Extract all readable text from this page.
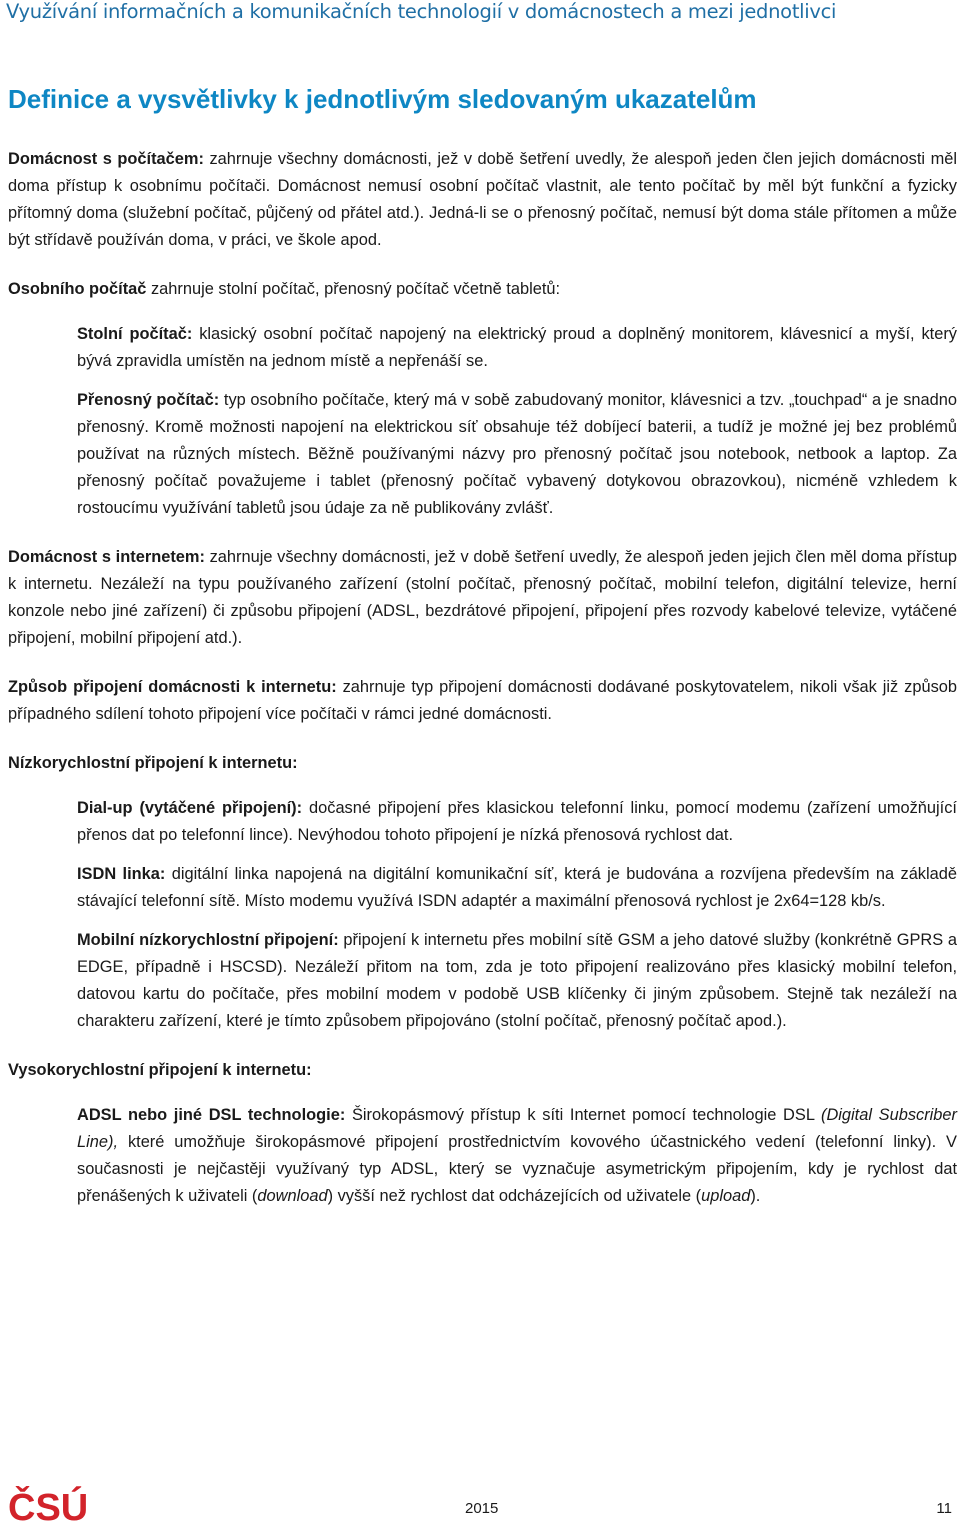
Využívání informačních a komunikačních technologií v domácnostech a mezi jednotlivci
Definice a vysvětlivky k jednotlivým sledovaným ukazatelům

Domácnost s počítačem: zahrnuje všechny domácnosti, jež v době šetření uvedly, že alespoň jeden člen jejich domácnosti měl doma přístup k osobnímu počítači. Domácnost nemusí osobní počítač vlastnit, ale tento počítač by měl být funkční a fyzicky přítomný doma (služební počítač, půjčený od přátel atd.). Jedná-li se o přenosný počítač, nemusí být doma stále přítomen a může být střídavě používán doma, v práci, ve škole apod.

Osobního počítač zahrnuje stolní počítač, přenosný počítač včetně tabletů:

Stolní počítač: klasický osobní počítač napojený na elektrický proud a doplněný monitorem, klávesnicí a myší, který bývá zpravidla umístěn na jednom místě a nepřenáší se.

Přenosný počítač: typ osobního počítače, který má v sobě zabudovaný monitor, klávesnici a tzv. „touchpad“ a je snadno přenosný. Kromě možnosti napojení na elektrickou síť obsahuje též dobíjecí baterii, a tudíž je možné jej bez problémů používat na různých místech. Běžně používanými názvy pro přenosný počítač jsou notebook, netbook a laptop. Za přenosný počítač považujeme i tablet (přenosný počítač vybavený dotykovou obrazovkou), nicméně vzhledem k rostoucímu využívání tabletů jsou údaje za ně publikovány zvlášť.

Domácnost s internetem: zahrnuje všechny domácnosti, jež v době šetření uvedly, že alespoň jeden jejich člen měl doma přístup k internetu. Nezáleží na typu používaného zařízení (stolní počítač, přenosný počítač, mobilní telefon, digitální televize, herní konzole nebo jiné zařízení) či způsobu připojení (ADSL, bezdrátové připojení, připojení přes rozvody kabelové televize, vytáčené připojení, mobilní připojení atd.).

Způsob připojení domácnosti k internetu: zahrnuje typ připojení domácnosti dodávané poskytovatelem, nikoli však již způsob případného sdílení tohoto připojení více počítači v rámci jedné domácnosti.

Nízkorychlostní připojení k internetu:

Dial-up (vytáčené připojení): dočasné připojení přes klasickou telefonní linku, pomocí modemu (zařízení umožňující přenos dat po telefonní lince). Nevýhodou tohoto připojení je nízká přenosová rychlost dat.

ISDN linka: digitální linka napojená na digitální komunikační síť, která je budována a rozvíjena především na základě stávající telefonní sítě. Místo modemu využívá ISDN adaptér a maximální přenosová rychlost je 2x64=128 kb/s.

Mobilní nízkorychlostní připojení: připojení k internetu přes mobilní sítě GSM a jeho datové služby (konkrétně GPRS a EDGE, případně i HSCSD). Nezáleží přitom na tom, zda je toto připojení realizováno přes klasický mobilní telefon, datovou kartu do počítače, přes mobilní modem v podobě USB klíčenky či jiným způsobem. Stejně tak nezáleží na charakteru zařízení, které je tímto způsobem připojováno (stolní počítač, přenosný počítač apod.).

Vysokorychlostní připojení k internetu:

ADSL nebo jiné DSL technologie: Širokopásmový přístup k síti Internet pomocí technologie DSL (Digital Subscriber Line), které umožňuje širokopásmové připojení prostřednictvím kovového účastnického vedení (telefonní linky). V současnosti je nejčastěji využívaný typ ADSL, který se vyznačuje asymetrickým připojením, kdy je rychlost dat přenášených k uživateli (download) vyšší než rychlost dat odcházejících od uživatele (upload).

ČSÚ	2015	11
